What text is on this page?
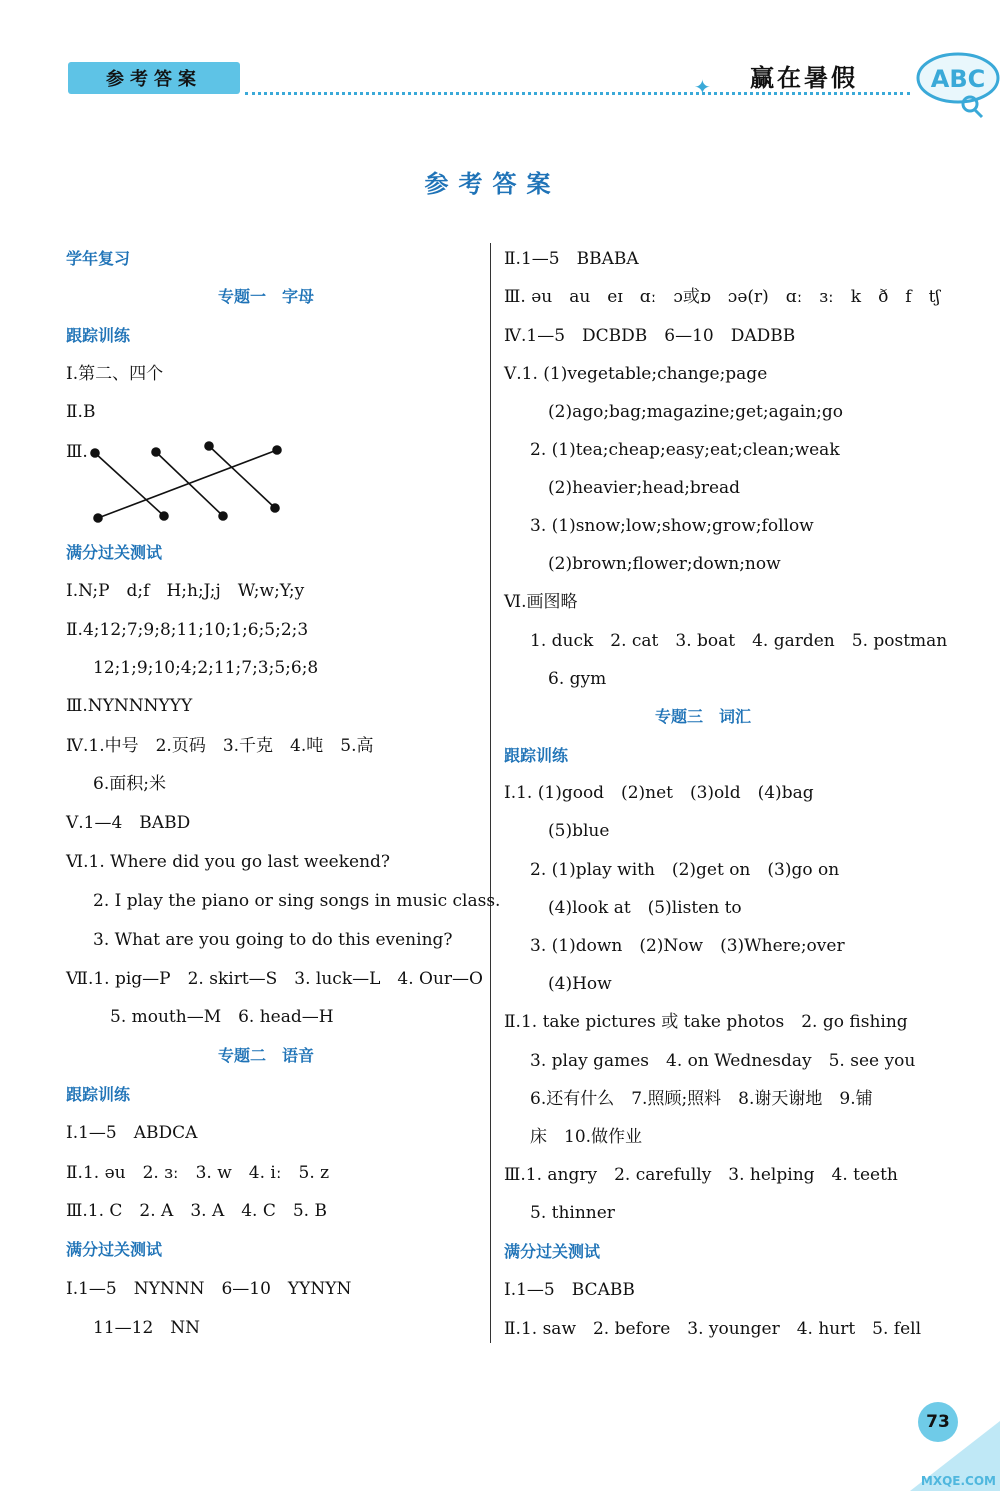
参考答案	✦ 赢在暑假	ABC
参考答案
学年复习
专题一　字母
跟踪训练
Ⅰ.第二、四个
Ⅱ.B
Ⅲ.
满分过关测试
Ⅰ.N;P　d;f　H;h;J;j　W;w;Y;y
Ⅱ.4;12;7;9;8;11;10;1;6;5;2;3
12;1;9;10;4;2;11;7;3;5;6;8
Ⅲ.NYNNNYYY
Ⅳ.1.中号　2.页码　3.千克　4.吨　5.高
6.面积;米
Ⅴ.1—4　BABD
Ⅵ.1. Where did you go last weekend?
2. I play the piano or sing songs in music class.
3. What are you going to do this evening?
Ⅶ.1. pig—P　2. skirt—S　3. luck—L　4. Our—O
5. mouth—M　6. head—H
专题二　语音
跟踪训练
Ⅰ.1—5　ABDCA
Ⅱ.1. əu　2. ɜː　3. w　4. iː　5. z
Ⅲ.1. C　2. A　3. A　4. C　5. B
满分过关测试
Ⅰ.1—5　NYNNN　6—10　YYNYN
11—12　NN
Ⅱ.1—5　BBABA
Ⅲ. əu　au　eɪ　ɑː　ɔ或ɒ　ɔə(r)　ɑː　ɜː　k　ð　f　tʃ
Ⅳ.1—5　DCBDB　6—10　DADBB
Ⅴ.1. (1)vegetable;change;page
(2)ago;bag;magazine;get;again;go
2. (1)tea;cheap;easy;eat;clean;weak
(2)heavier;head;bread
3. (1)snow;low;show;grow;follow
(2)brown;flower;down;now
Ⅵ.画图略
1. duck　2. cat　3. boat　4. garden　5. postman
6. gym
专题三　词汇
跟踪训练
Ⅰ.1. (1)good　(2)net　(3)old　(4)bag
(5)blue
2. (1)play with　(2)get on　(3)go on
(4)look at　(5)listen to
3. (1)down　(2)Now　(3)Where;over
(4)How
Ⅱ.1. take pictures 或 take photos　2. go fishing
3. play games　4. on Wednesday　5. see you
6.还有什么　7.照顾;照料　8.谢天谢地　9.铺
床　10.做作业
Ⅲ.1. angry　2. carefully　3. helping　4. teeth
5. thinner
满分过关测试
Ⅰ.1—5　BCABB
Ⅱ.1. saw　2. before　3. younger　4. hurt　5. fell
73
MXQE.COM
